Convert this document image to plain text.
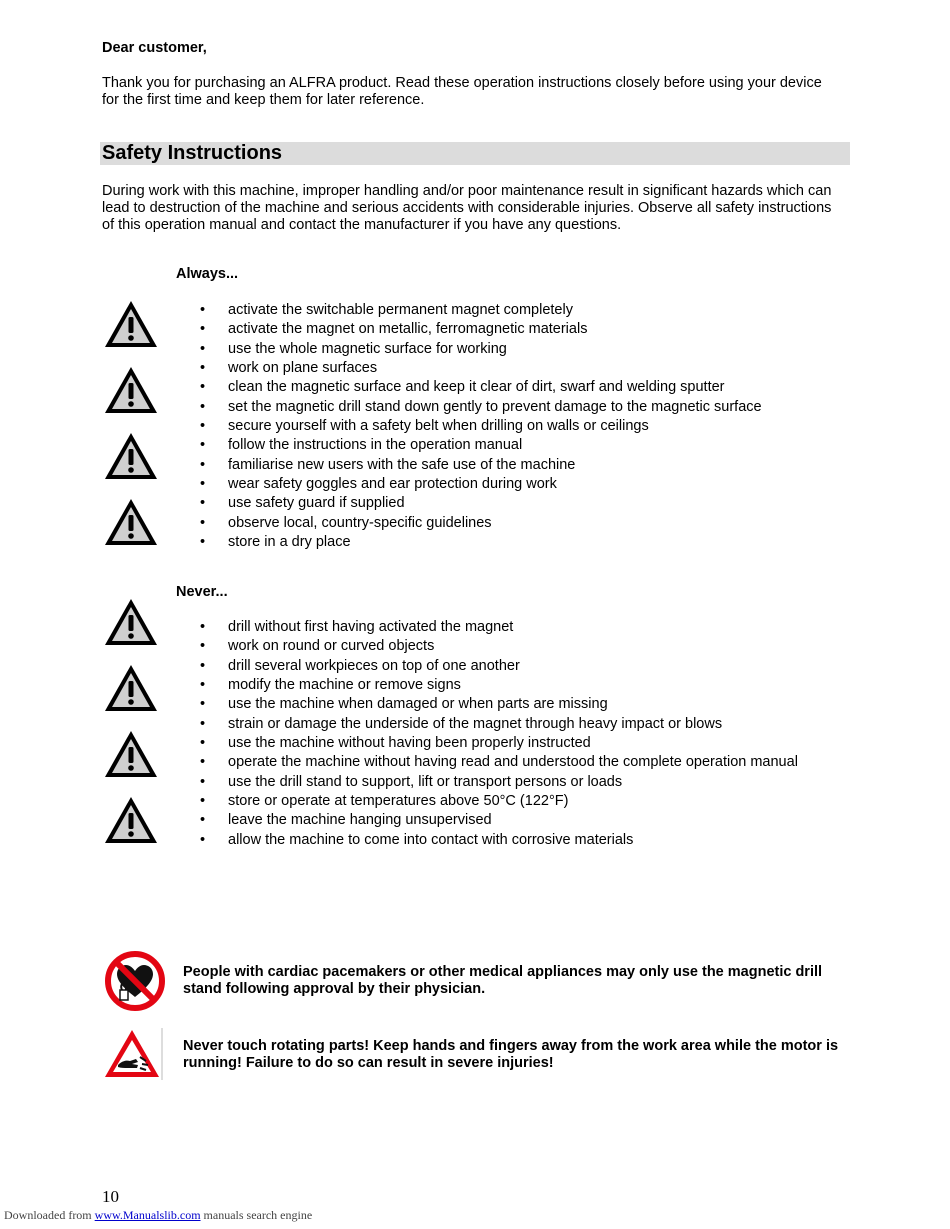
Dear customer,
Thank you for purchasing an ALFRA product. Read these operation instructions closely before using your device for the first time and keep them for later reference.
Safety Instructions
During work with this machine, improper handling and/or poor maintenance result in significant hazards which can lead to destruction of the machine and serious accidents with considerable injuries. Observe all safety instructions of this operation manual and contact the manufacturer if you have any questions.
Always...
• activate the switchable permanent magnet completely
• activate the magnet on metallic, ferromagnetic materials
• use the whole magnetic surface for working
• work on plane surfaces
• clean the magnetic surface and keep it clear of dirt, swarf and welding sputter
• set the magnetic drill stand down gently to prevent damage to the magnetic surface
• secure yourself with a safety belt when drilling on walls or ceilings
• follow the instructions in the operation manual
• familiarise new users with the safe use of the machine
• wear safety goggles and ear protection during work
• use safety guard if supplied
• observe local, country-specific guidelines
• store in a dry place
Never...
• drill without first having activated the magnet
• work on round or curved objects
• drill several workpieces on top of one another
• modify the machine or remove signs
• use the machine when damaged or when parts are missing
• strain or damage the underside of the magnet through heavy impact or blows
• use the machine without having been properly instructed
• operate the machine without having read and understood the complete operation manual
• use the drill stand to support, lift or transport persons or loads
• store or operate at temperatures above 50°C (122°F)
• leave the machine hanging unsupervised
• allow the machine to come into contact with corrosive materials
People with cardiac pacemakers or other medical appliances may only use the magnetic drill stand following approval by their physician.
Never touch rotating parts! Keep hands and fingers away from the work area while the motor is running! Failure to do so can result in severe injuries!
10
Downloaded from www.Manualslib.com manuals search engine
